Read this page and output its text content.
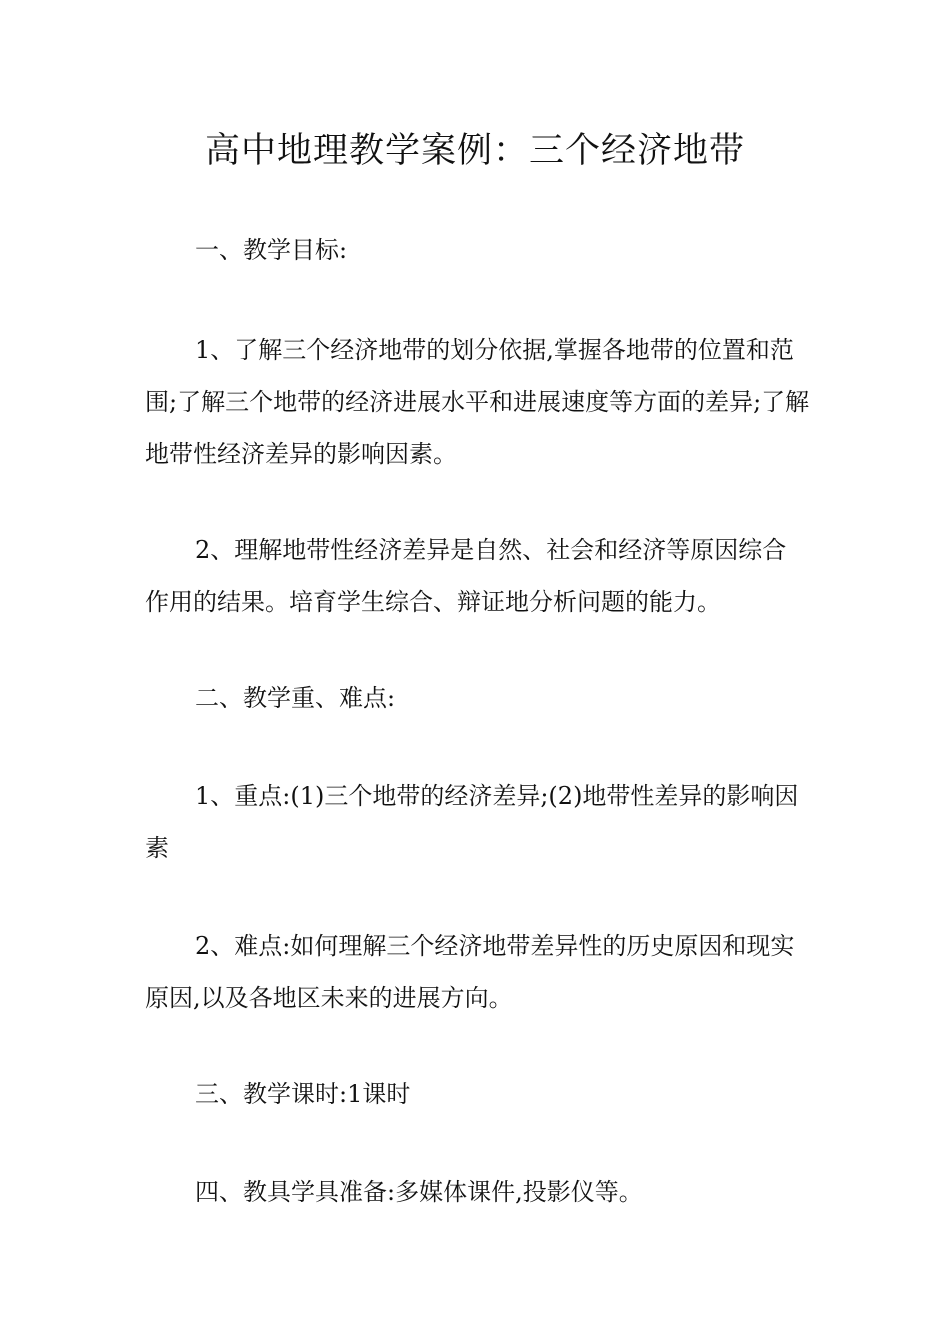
高中地理教学案例：三个经济地带

一、教学目标:

1、了解三个经济地带的划分依据,掌握各地带的位置和范围;了解三个地带的经济进展水平和进展速度等方面的差异;了解地带性经济差异的影响因素。

2、理解地带性经济差异是自然、社会和经济等原因综合作用的结果。培育学生综合、辩证地分析问题的能力。

二、教学重、难点:

1、重点:(1)三个地带的经济差异;(2)地带性差异的影响因素

2、难点:如何理解三个经济地带差异性的历史原因和现实原因,以及各地区未来的进展方向。

三、教学课时:1课时

四、教具学具准备:多媒体课件,投影仪等。
